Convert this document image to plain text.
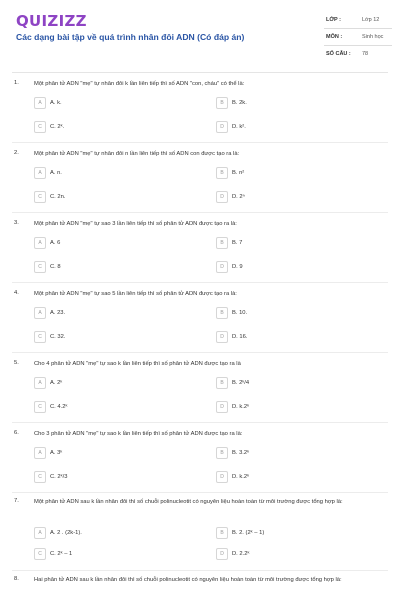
QUIZIZZ
Các dạng bài tập về quá trình nhân đôi ADN (Có đáp án)
LỚP :	Lớp 12
MÔN :	Sinh học
SỐ CÂU : 78
1.	Một phân tử ADN "mẹ" tự nhân đôi k lần liên tiếp thì số ADN "con, cháu" có thể là:
A	A. k.	B	B. 2k.
C	C. 2ᵏ.	D	D. k².
2.	Một phân tử ADN "mẹ" tự nhân đôi n lần liên tiếp thì số ADN con được tạo ra là:
A	A. n.	B	B. n²
C	C. 2n.	D	D. 2ⁿ
3.	Một phân tử ADN "mẹ" tự sao 3 lần liên tiếp thì số phân tử ADN được tạo ra là:
A	A. 6	B	B. 7
C	C. 8	D	D. 9
4.	Một phân tử ADN "mẹ" tự sao 5 lần liên tiếp thì số phân tử ADN được tạo ra là:
A	A. 23.	B	B. 10.
C	C. 32.	D	D. 16.
5.	Cho 4 phân tử ADN "mẹ" tự sao k lần liên tiếp thì số phân tử ADN được tạo ra là
A	A. 2ᵏ	B	B. 2ᵏ/4
C	C. 4.2ᵏ	D	D. k.2ᵏ
6.	Cho 3 phân tử ADN "mẹ" tự sao k lần liên tiếp thì số phân tử ADN được tạo ra là:
A	A. 3ᵏ	B	B. 3.2ᵏ
C	C. 2ᵏ/3	D	D. k.2ᵏ
7.	Một phân tử ADN sau k lần nhân đôi thì số chuỗi polinucleotit có nguyên liệu hoàn toàn từ môi trường được tổng hợp là:
A	A. 2 . (2k-1).	B	B. 2. (2ᵏ – 1)
C	C. 2ᵏ – 1	D	D. 2.2ᵏ
8.	Hai phân tử ADN sau k lần nhân đôi thì số chuỗi polinucleotit có nguyên liệu hoàn toàn từ môi trường được tổng hợp là:
